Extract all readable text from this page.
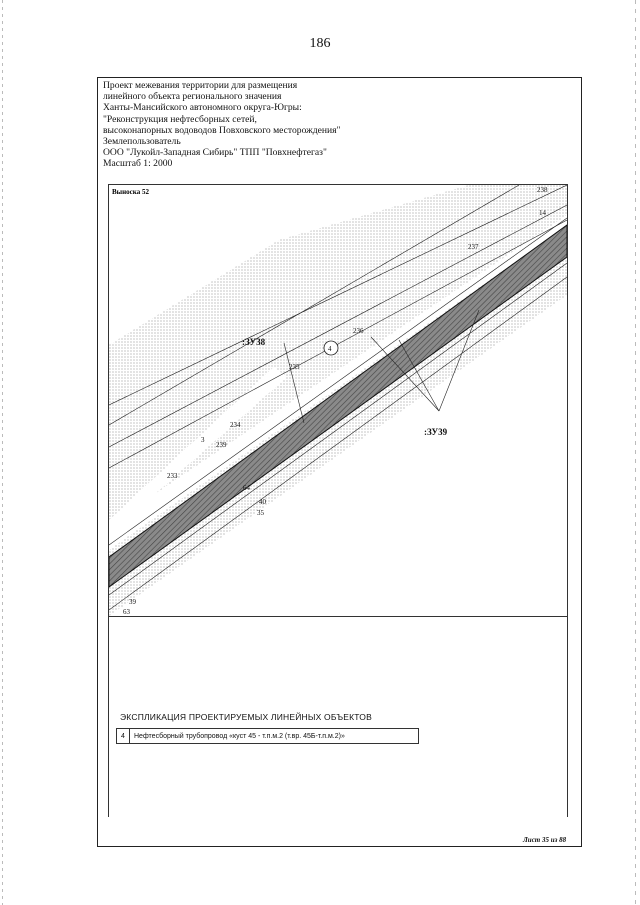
186
Проект межевания территории для размещения
линейного объекта регионального значения
Ханты-Мансийского автономного округа-Югры:
"Реконструкция нефтесборных сетей,
высоконапорных водоводов Повховского месторождения"
Землепользователь
ООО "Лукойл-Западная Сибирь" ТПП "Повхнефтегаз"
Масштаб 1: 2000
Выноска 52
:ЗУ38
:ЗУ39
4
238
14
237
236
235
234
3
239
233
64
40
35
39
63
ЭКСПЛИКАЦИЯ ПРОЕКТИРУЕМЫХ ЛИНЕЙНЫХ ОБЪЕКТОВ
4	Нефтесборный трубопровод «куст 45 - т.п.м.2 (т.вр. 45Б-т.п.м.2)»
Лист 35 из 88
